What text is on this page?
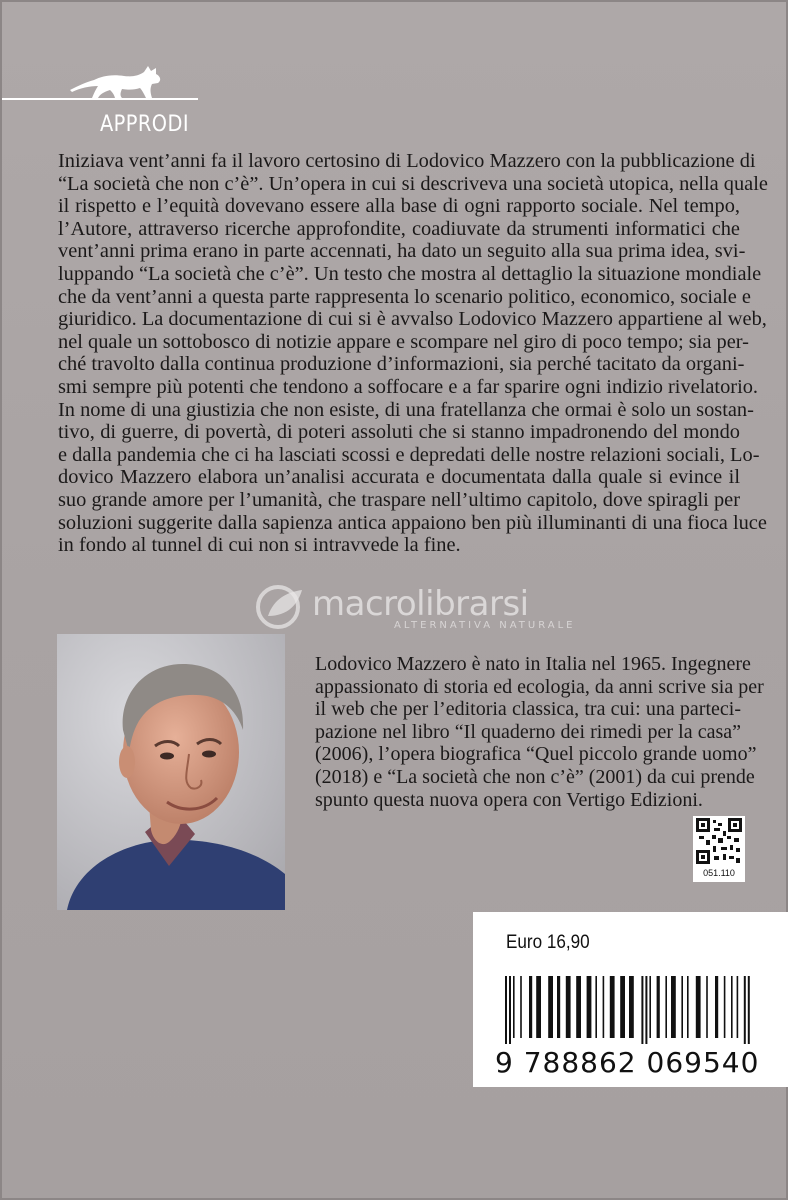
APPRODI

Iniziava vent’anni fa il lavoro certosino di Lodovico Mazzero con la pubblicazione di
“La società che non c’è”. Un’opera in cui si descriveva una società utopica, nella quale
il rispetto e l’equità dovevano essere alla base di ogni rapporto sociale. Nel tempo,
l’Autore, attraverso ricerche approfondite, coadiuvate da strumenti informatici che
vent’anni prima erano in parte accennati, ha dato un seguito alla sua prima idea, svi-
luppando “La società che c’è”. Un testo che mostra al dettaglio la situazione mondiale
che da vent’anni a questa parte rappresenta lo scenario politico, economico, sociale e
giuridico. La documentazione di cui si è avvalso Lodovico Mazzero appartiene al web,
nel quale un sottobosco di notizie appare e scompare nel giro di poco tempo; sia per-
ché travolto dalla continua produzione d’informazioni, sia perché tacitato da organi-
smi sempre più potenti che tendono a soffocare e a far sparire ogni indizio rivelatorio.
In nome di una giustizia che non esiste, di una fratellanza che ormai è solo un sostan-
tivo, di guerre, di povertà, di poteri assoluti che si stanno impadronendo del mondo
e dalla pandemia che ci ha lasciati scossi e depredati delle nostre relazioni sociali, Lo-
dovico Mazzero elabora un’analisi accurata e documentata dalla quale si evince il
suo grande amore per l’umanità, che traspare nell’ultimo capitolo, dove spiragli per
soluzioni suggerite dalla sapienza antica appaiono ben più illuminanti di una fioca luce
in fondo al tunnel di cui non si intravvede la fine.

macrolibrarsi
ALTERNATIVA NATURALE
Lodovico Mazzero è nato in Italia nel 1965. Ingegnere
appassionato di storia ed ecologia, da anni scrive sia per
il web che per l’editoria classica, tra cui: una parteci-
pazione nel libro “Il quaderno dei rimedi per la casa”
(2006), l’opera biografica “Quel piccolo grande uomo”
(2018) e “La società che non c’è” (2001) da cui prende
spunto questa nuova opera con Vertigo Edizioni.
051.110
Euro 16,90
9 788862 069540
